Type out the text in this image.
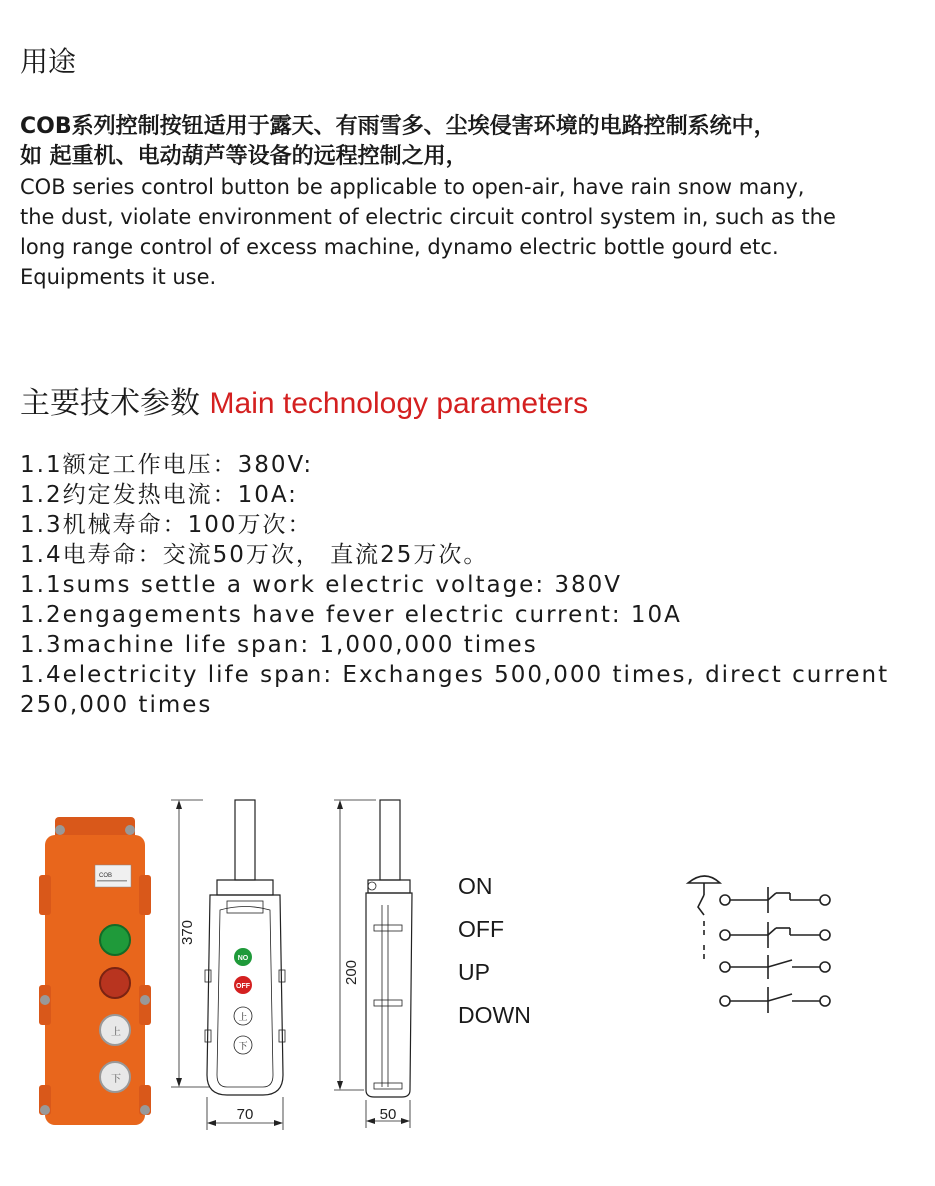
用途
COB系列控制按钮适用于露天、有雨雪多、尘埃侵害环境的电路控制系统中，
如 起重机、电动葫芦等设备的远程控制之用，
COB series control button be applicable to open-air, have rain snow many,
the dust, violate environment of electric circuit control system in, such as the
long range control of excess machine, dynamo electric bottle gourd etc.
Equipments it use.
主要技术参数 Main technology parameters
1.1额定工作电压：380V:
1.2约定发热电流：10A:
1.3机械寿命：100万次：
1.4电寿命：交流50万次， 直流25万次。
1.1sums settle a work electric voltage: 380V
1.2engagements have fever electric current: 10A
1.3machine life span: 1,000,000 times
1.4electricity life span: Exchanges 500,000 times, direct current
250,000 times
COB
上
下
NO
OFF
上
下
370
70
200
50
ON
OFF
UP
DOWN
